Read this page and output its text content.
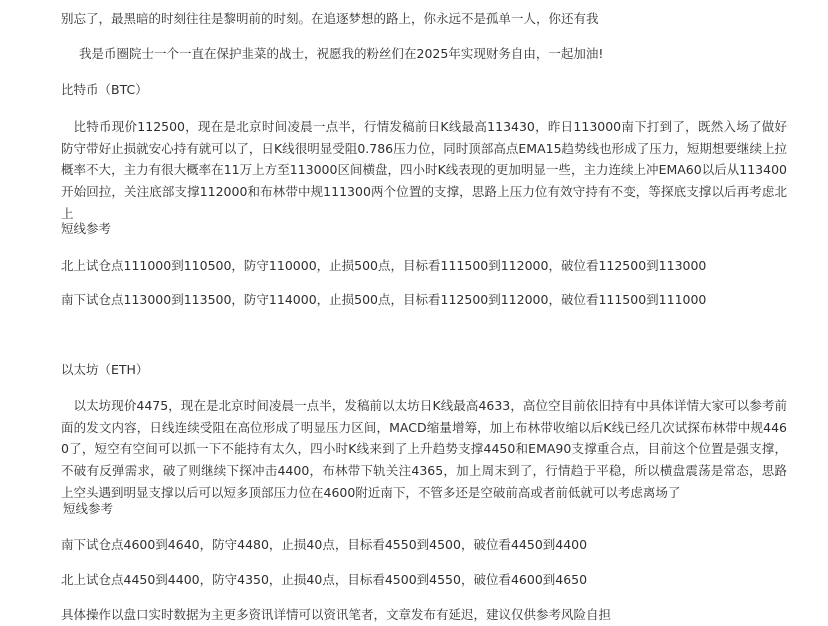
别忘了，最黑暗的时刻往往是黎明前的时刻。在追逐梦想的路上，你永远不是孤单一人，你还有我

我是币圈院士一个一直在保护韭菜的战士，祝愿我的粉丝们在2025年实现财务自由，一起加油!

比特币（BTC）

比特币现价112500，现在是北京时间凌晨一点半，行情发稿前日K线最高113430，昨日113000南下打到了，既然入场了做好防守带好止损就安心持有就可以了，日K线很明显受阻0.786压力位，同时顶部高点EMA15趋势线也形成了压力，短期想要继续上拉概率不大，主力有很大概率在11万上方至113000区间横盘，四小时K线表现的更加明显一些，主力连续上冲EMA60以后从113400开始回拉，关注底部支撑112000和布林带中规111300两个位置的支撑，思路上压力位有效守持有不变，等探底支撑以后再考虑北上

短线参考

北上试仓点111000到110500，防守110000，止损500点，目标看111500到112000，破位看112500到113000

南下试仓点113000到113500，防守114000，止损500点，目标看112500到112000，破位看111500到111000

以太坊（ETH）

以太坊现价4475，现在是北京时间凌晨一点半，发稿前以太坊日K线最高4633，高位空目前依旧持有中具体详情大家可以参考前面的发文内容，日线连续受阻在高位形成了明显压力区间，MACD缩量增筹，加上布林带收缩以后K线已经几次试探布林带中规4460了，短空有空间可以抓一下不能持有太久，四小时K线来到了上升趋势支撑4450和EMA90支撑重合点，目前这个位置是强支撑，不破有反弹需求，破了则继续下探冲击4400，布林带下轨关注4365，加上周末到了，行情趋于平稳，所以横盘震荡是常态，思路上空头遇到明显支撑以后可以短多顶部压力位在4600附近南下，不管多还是空破前高或者前低就可以考虑离场了

短线参考

南下试仓点4600到4640，防守4480，止损40点，目标看4550到4500，破位看4450到4400

北上试仓点4450到4400，防守4350，止损40点，目标看4500到4550，破位看4600到4650

具体操作以盘口实时数据为主更多资讯详情可以资讯笔者，文章发布有延迟，建议仅供参考风险自担
